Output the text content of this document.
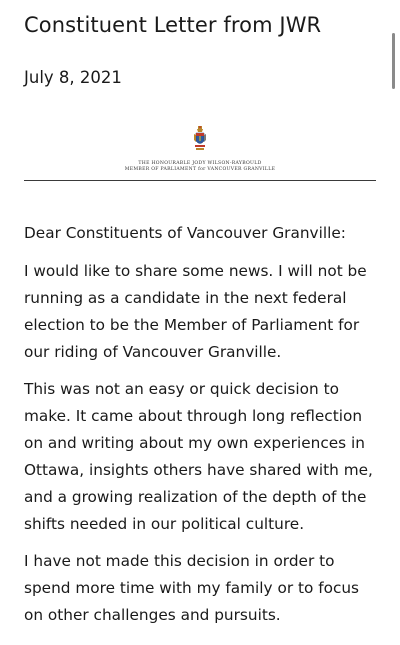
Constituent Letter from JWR
July 8, 2021
THE HONOURABLE JODY WILSON-RAYBOULD
MEMBER OF PARLIAMENT for VANCOUVER GRANVILLE

Dear Constituents of Vancouver Granville:

I would like to share some news. I will not be running as a candidate in the next federal election to be the Member of Parliament for our riding of Vancouver Granville.

This was not an easy or quick decision to make. It came about through long reflection on and writing about my own experiences in Ottawa, insights others have shared with me, and a growing realization of the depth of the shifts needed in our political culture.

I have not made this decision in order to spend more time with my family or to focus on other challenges and pursuits.
